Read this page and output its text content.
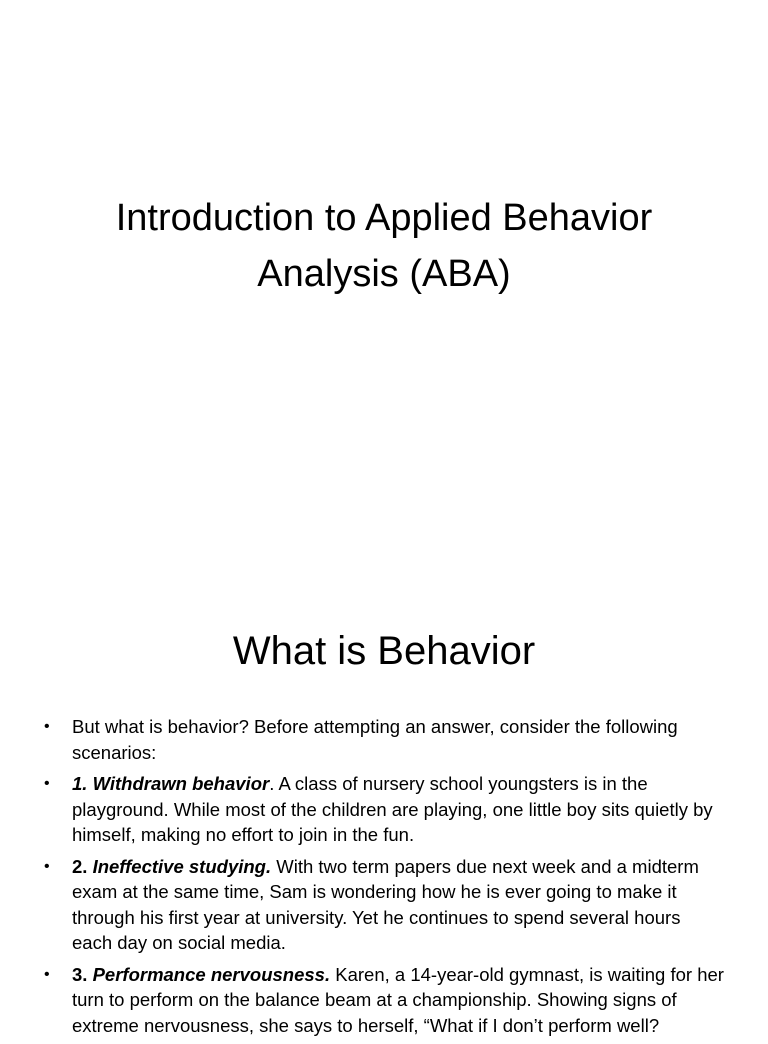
Introduction to Applied Behavior
Analysis (ABA)
What is Behavior
•	But what is behavior? Before attempting an answer, consider the following scenarios:
•	1. Withdrawn behavior. A class of nursery school youngsters is in the playground. While most of the children are playing, one little boy sits quietly by himself, making no effort to join in the fun.
•	2. Ineffective studying. With two term papers due next week and a midterm exam at the same time, Sam is wondering how he is ever going to make it through his first year at university. Yet he continues to spend several hours each day on social media.
•	3. Performance nervousness. Karen, a 14-year-old gymnast, is waiting for her turn to perform on the balance beam at a championship. Showing signs of extreme nervousness, she says to herself, “What if I don’t perform well?
